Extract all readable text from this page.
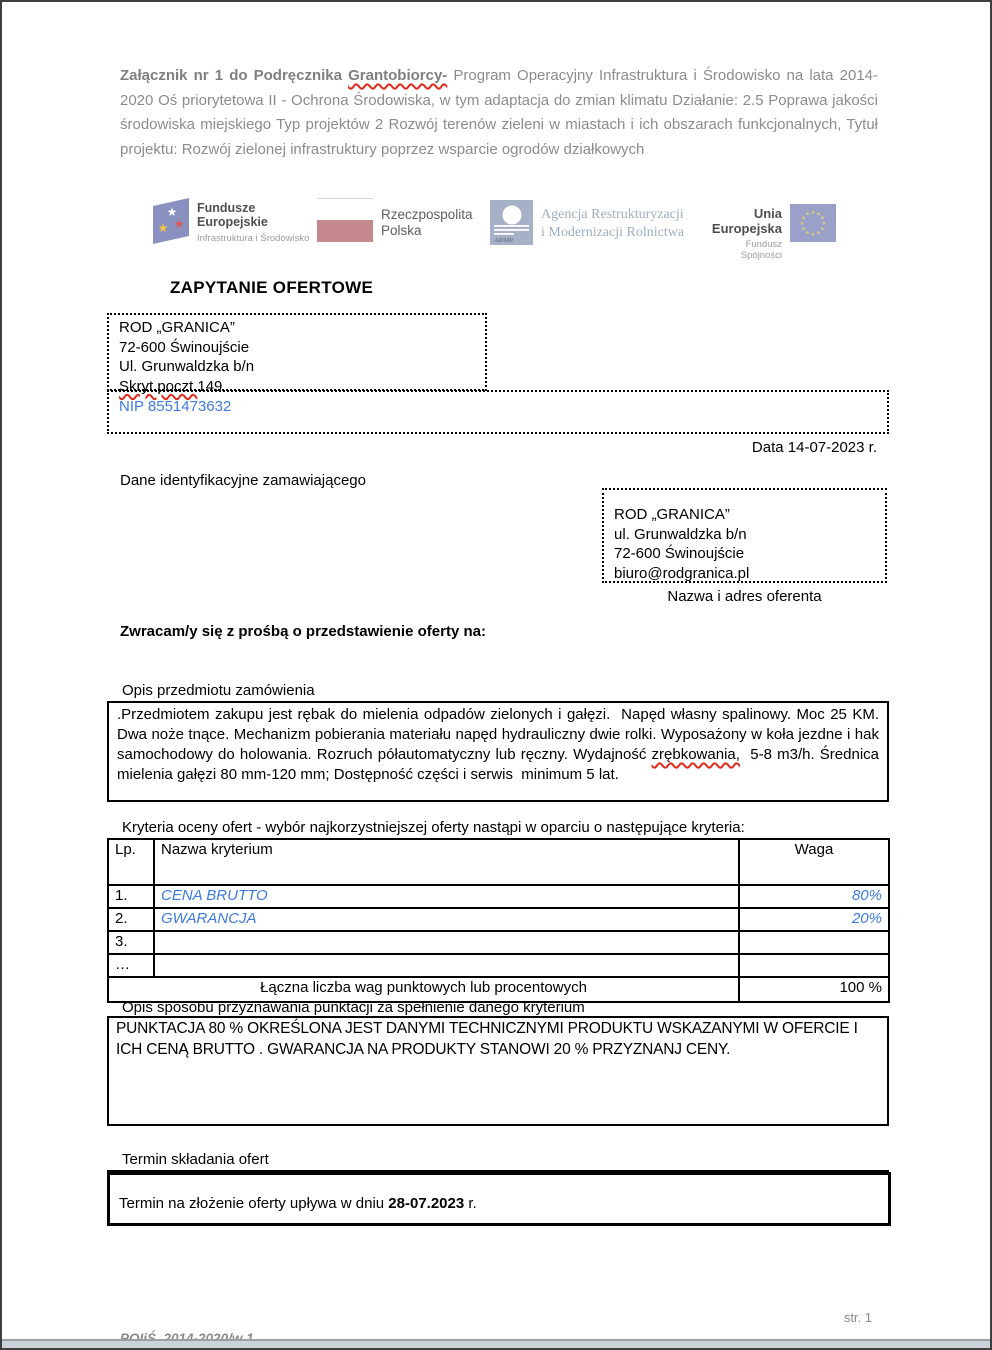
Załącznik nr 1 do Podręcznika Grantobiorcy- Program Operacyjny Infrastruktura i Środowisko na lata 2014-2020 Oś priorytetowa II - Ochrona Środowiska, w tym adaptacja do zmian klimatu Działanie: 2.5 Poprawa jakości środowiska miejskiego Typ projektów 2 Rozwój terenów zieleni w miastach i ich obszarach funkcjonalnych, Tytuł projektu: Rozwój zielonej infrastruktury poprzez wsparcie ogrodów działkowych

★
★
★
Fundusze
Europejskie
Infrastruktura i Środowisko
Rzeczpospolita
Polska
ARiMR
Agencja Restrukturyzacji
i Modernizacji Rolnictwa
Unia Europejska
Fundusz Spójności
★ ★
★
★
★
★
★
★
★
★
★
★
ZAPYTANIE OFERTOWE
ROD „GRANICA”
72-600 Świnoujście
Ul. Grunwaldzka b/n
Skryt.poczt.149
NIP 8551473632
Data 14-07-2023 r.
Dane identyfikacyjne zamawiającego
ROD „GRANICA”
ul. Grunwaldzka b/n
72-600 Świnoujście
biuro@rodgranica.pl
Nazwa i adres oferenta
Zwracam/y się z prośbą o przedstawienie oferty na:
Opis przedmiotu zamówienia
.Przedmiotem zakupu jest rębak do mielenia odpadów zielonych i gałęzi.  Napęd własny spalinowy. Moc 25 KM. Dwa noże tnące. Mechanizm pobierania materiału napęd hydrauliczny dwie rolki. Wyposażony w koła jezdne i hak samochodowy do holowania. Rozruch półautomatyczny lub ręczny. Wydajność zrębkowania,  5-8 m3/h. Średnica mielenia gałęzi 80 mm-120 mm; Dostępność części i serwis  minimum 5 lat.
Kryteria oceny ofert - wybór najkorzystniejszej oferty nastąpi w oparciu o następujące kryteria:
Lp.	Nazwa kryterium	Waga
1.	CENA BRUTTO	80%
2.	GWARANCJA	20%
3.		
…		
Łączna liczba wag punktowych lub procentowych		100 %
Opis sposobu przyznawania punktacji za spełnienie danego kryterium
PUNKTACJA 80 % OKREŚLONA JEST DANYMI TECHNICZNYMI PRODUKTU WSKAZANYMI W OFERCIE I ICH CENĄ BRUTTO . GWARANCJA NA PRODUKTY STANOWI 20 % PRZYZNANJ CENY.
Termin składania ofert
Termin na złożenie oferty upływa w dniu 28-07.2023 r.
str. 1
